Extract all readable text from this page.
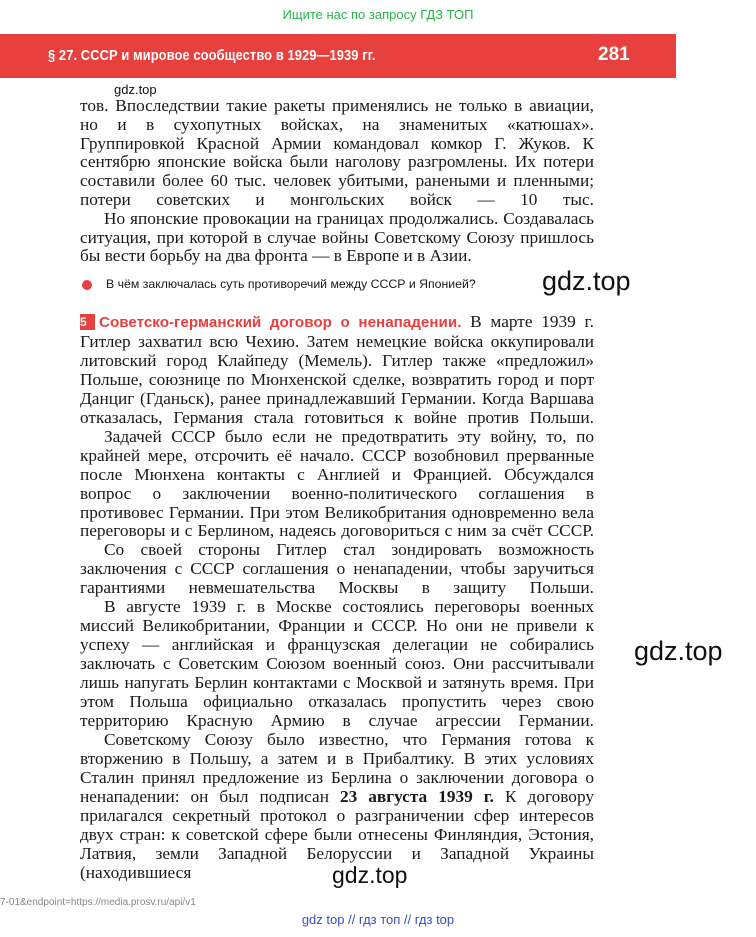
Ищите нас по запросу ГДЗ ТОП
§ 27. СССР и мировое сообщество в 1929—1939 гг.	281
gdz.top

тов. Впоследствии такие ракеты применялись не только в авиации, но и в сухопутных войсках, на знаменитых «катюшах». Группировкой Красной Армии командовал комкор Г. Жуков. К сентябрю японские войска были наголову разгромлены. Их потери составили более 60 тыс. человек убитыми, ранеными и пленными; потери советских и монгольских войск — 10 тыс.

Но японские провокации на границах продолжались. Создавалась ситуация, при которой в случае войны Советскому Союзу пришлось бы вести борьбу на два фронта — в Европе и в Азии.

В чём заключалась суть противоречий между СССР и Японией? gdz.top

5 Советско-германский договор о ненападении. В марте 1939 г. Гитлер захватил всю Чехию. Затем немецкие войска оккупировали литовский город Клайпеду (Мемель). Гитлер также «предложил» Польше, союзнице по Мюнхенской сделке, возвратить город и порт Данциг (Гданьск), ранее принадлежавший Германии. Когда Варшава отказалась, Германия стала готовиться к войне против Польши.

Задачей СССР было если не предотвратить эту войну, то, по крайней мере, отсрочить её начало. СССР возобновил прерванные после Мюнхена контакты с Англией и Францией. Обсуждался вопрос о заключении военно-политического соглашения в противовес Германии. При этом Великобритания одновременно вела переговоры и с Берлином, надеясь договориться с ним за счёт СССР.

Со своей стороны Гитлер стал зондировать возможность заключения с СССР соглашения о ненападении, чтобы заручиться гарантиями невмешательства Москвы в защиту Польши.

В августе 1939 г. в Москве состоялись переговоры военных миссий Великобритании, Франции и СССР. Но они не привели к успеху — английская и французская делегации не собирались заключать с Советским Союзом военный союз. Они рассчитывали лишь напугать Берлин контактами с Москвой и затянуть время. При этом Польша официально отказалась пропустить через свою территорию Красную Армию в случае агрессии Германии.

Советскому Союзу было известно, что Германия готова к вторжению в Польшу, а затем и в Прибалтику. В этих условиях Сталин принял предложение из Берлина о заключении договора о ненападении: он был подписан 23 августа 1939 г. К договору прилагался секретный протокол о разграничении сфер интересов двух стран: к советской сфере были отнесены Финляндия, Эстония, Латвия, земли Западной Белоруссии и Западной Украины (находившиеся

gdz.top
gdz.top
7-01&endpoint=https://media.prosv.ru/api/v1
gdz top // гдз топ // гдз top
